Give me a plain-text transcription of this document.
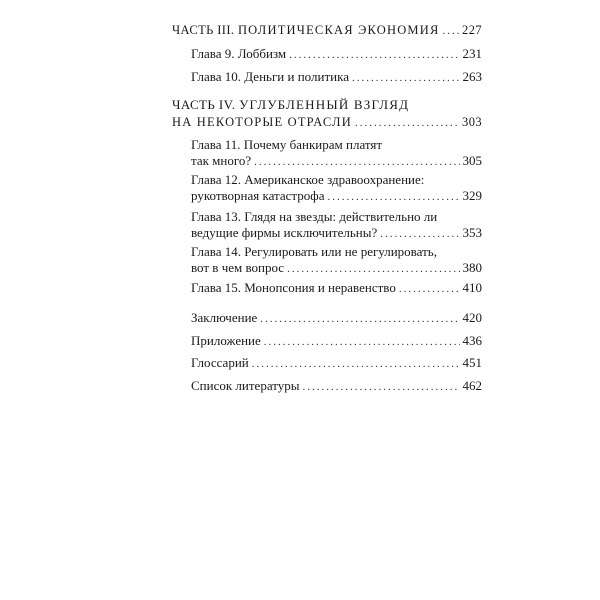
ЧАСТЬ III. ПОЛИТИЧЕСКАЯ ЭКОНОМИЯ ..... 227
Глава 9. Лоббизм .....	231
Глава 10. Деньги и политика .....	263
ЧАСТЬ IV. УГЛУБЛЕННЫЙ ВЗГЛЯД
НА НЕКОТОРЫЕ ОТРАСЛИ .....	303
Глава 11. Почему банкирам платят
так много? .....	305
Глава 12. Американское здравоохранение:
рукотворная катастрофа .....	329
Глава 13. Глядя на звезды: действительно ли
ведущие фирмы исключительны? .....	353
Глава 14. Регулировать или не регулировать,
вот в чем вопрос .....	380
Глава 15. Монопсония и неравенство .....	410
Заключение .....	420
Приложение .....	436
Глоссарий .....	451
Список литературы .....	462
